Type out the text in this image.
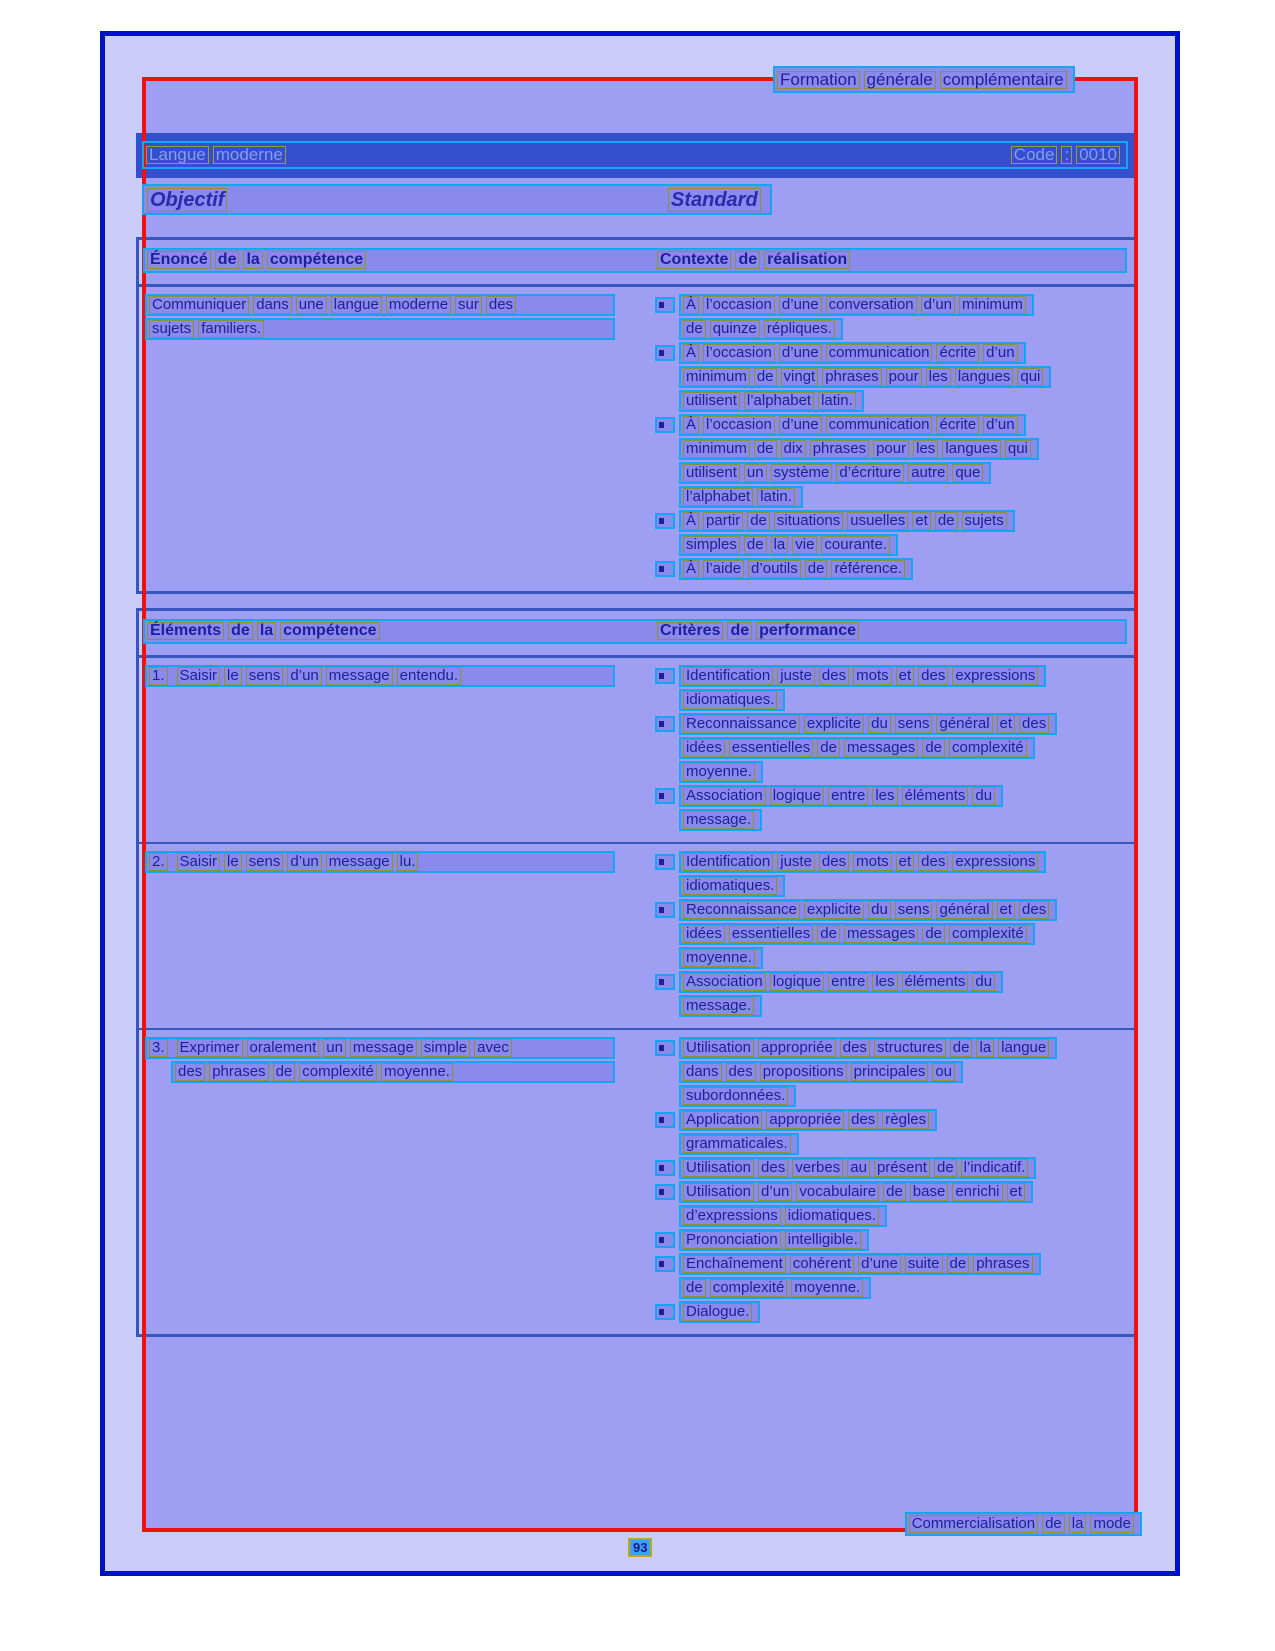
Langue moderne	Code : 0010
Formation générale complémentaire
Objectif	Standard
Énoncé de la compétence	Contexte de réalisation
Communiquer dans une langue moderne sur des
sujets familiers.
À l’occasion d’une conversation d’un minimum
de quinze répliques.
À l’occasion d’une communication écrite d’un
minimum de vingt phrases pour les langues qui
utilisent l’alphabet latin.
À l’occasion d’une communication écrite d’un
minimum de dix phrases pour les langues qui
utilisent un système d’écriture autre que
l’alphabet latin.
À partir de situations usuelles et de sujets
simples de la vie courante.
À l’aide d’outils de référence.
Éléments de la compétence	Critères de performance
1. Saisir le sens d’un message entendu.	Identification juste des mots et des expressions
idiomatiques.
Reconnaissance explicite du sens général et des
idées essentielles de messages de complexité
moyenne.
Association logique entre les éléments du
message.
2. Saisir le sens d’un message lu.	Identification juste des mots et des expressions
idiomatiques.
Reconnaissance explicite du sens général et des
idées essentielles de messages de complexité
moyenne.
Association logique entre les éléments du
message.
3. Exprimer oralement un message simple avec
des phrases de complexité moyenne.
Utilisation appropriée des structures de la langue
dans des propositions principales ou
subordonnées.
Application appropriée des règles
grammaticales.
Utilisation des verbes au présent de l’indicatif.
Utilisation d’un vocabulaire de base enrichi et
d’expressions idiomatiques.
Prononciation intelligible.
Enchaînement cohérent d’une suite de phrases
de complexité moyenne.
Dialogue.
Commercialisation de la mode
93
